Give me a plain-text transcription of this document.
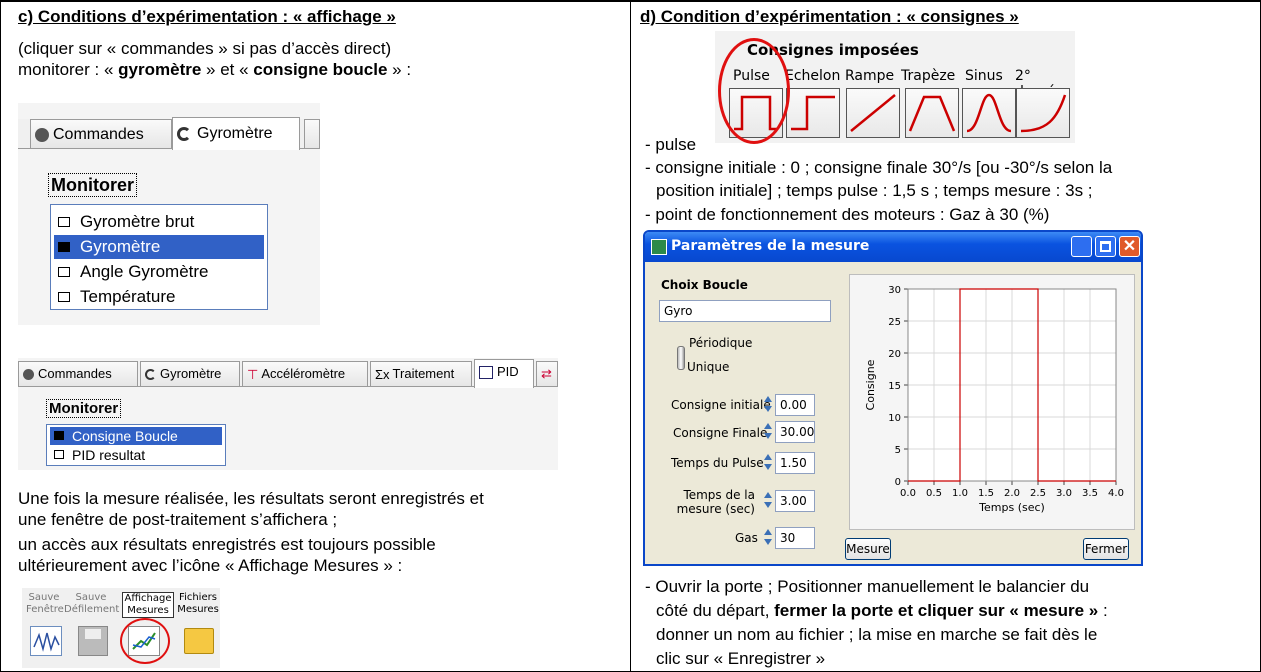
c) Conditions d’expérimentation : « affichage »
(cliquer sur « commandes » si pas d’accès direct)
monitorer : « gyromètre » et « consigne boucle » :
Commandes	Gyromètre
Monitorer
Gyromètre brut
Gyromètre
Angle Gyromètre
Température
Commandes	Gyromètre	⊤ Accéléromètre	Σx Traitement	PID	⇄
Monitorer
Consigne Boucle
PID resultat
Une fois la mesure réalisée, les résultats seront enregistrés et
une fenêtre de post-traitement s’affichera ;
un accès aux résultats enregistrés est toujours possible
ultérieurement avec l’icône « Affichage Mesures » :
Sauve
Fenêtre
Sauve
Défilement
Affichage
Mesures
Fichiers
Mesures
d) Condition d’expérimentation : « consignes »
Consignes imposées
Pulse Echelon Rampe Trapèze Sinus 2°
- pulse
- consigne initiale : 0 ; consigne finale 30°/s [ou -30°/s selon la
position initiale] ; temps pulse : 1,5 s ; temps mesure : 3s ;
- point de fonctionnement des moteurs : Gaz à 30 (%)
Paramètres de la mesure	_	✕
Choix Boucle
Gyro
Périodique
Unique
Consigne initiale 0.00
Consigne Finale	30.00
Temps du Pulse	1.50
Temps de la
mesure (sec)
3.00
Gas	30
0.0 0.5 1.0 1.5 2.0 2.5 3.0 3.5 4.0
0
5
10
15
20
25
30
Temps (sec)
Consigne
Mesure	Fermer
- Ouvrir la porte ; Positionner manuellement le balancier du
côté du départ, fermer la porte et cliquer sur « mesure » :
donner un nom au fichier ; la mise en marche se fait dès le
clic sur « Enregistrer »
